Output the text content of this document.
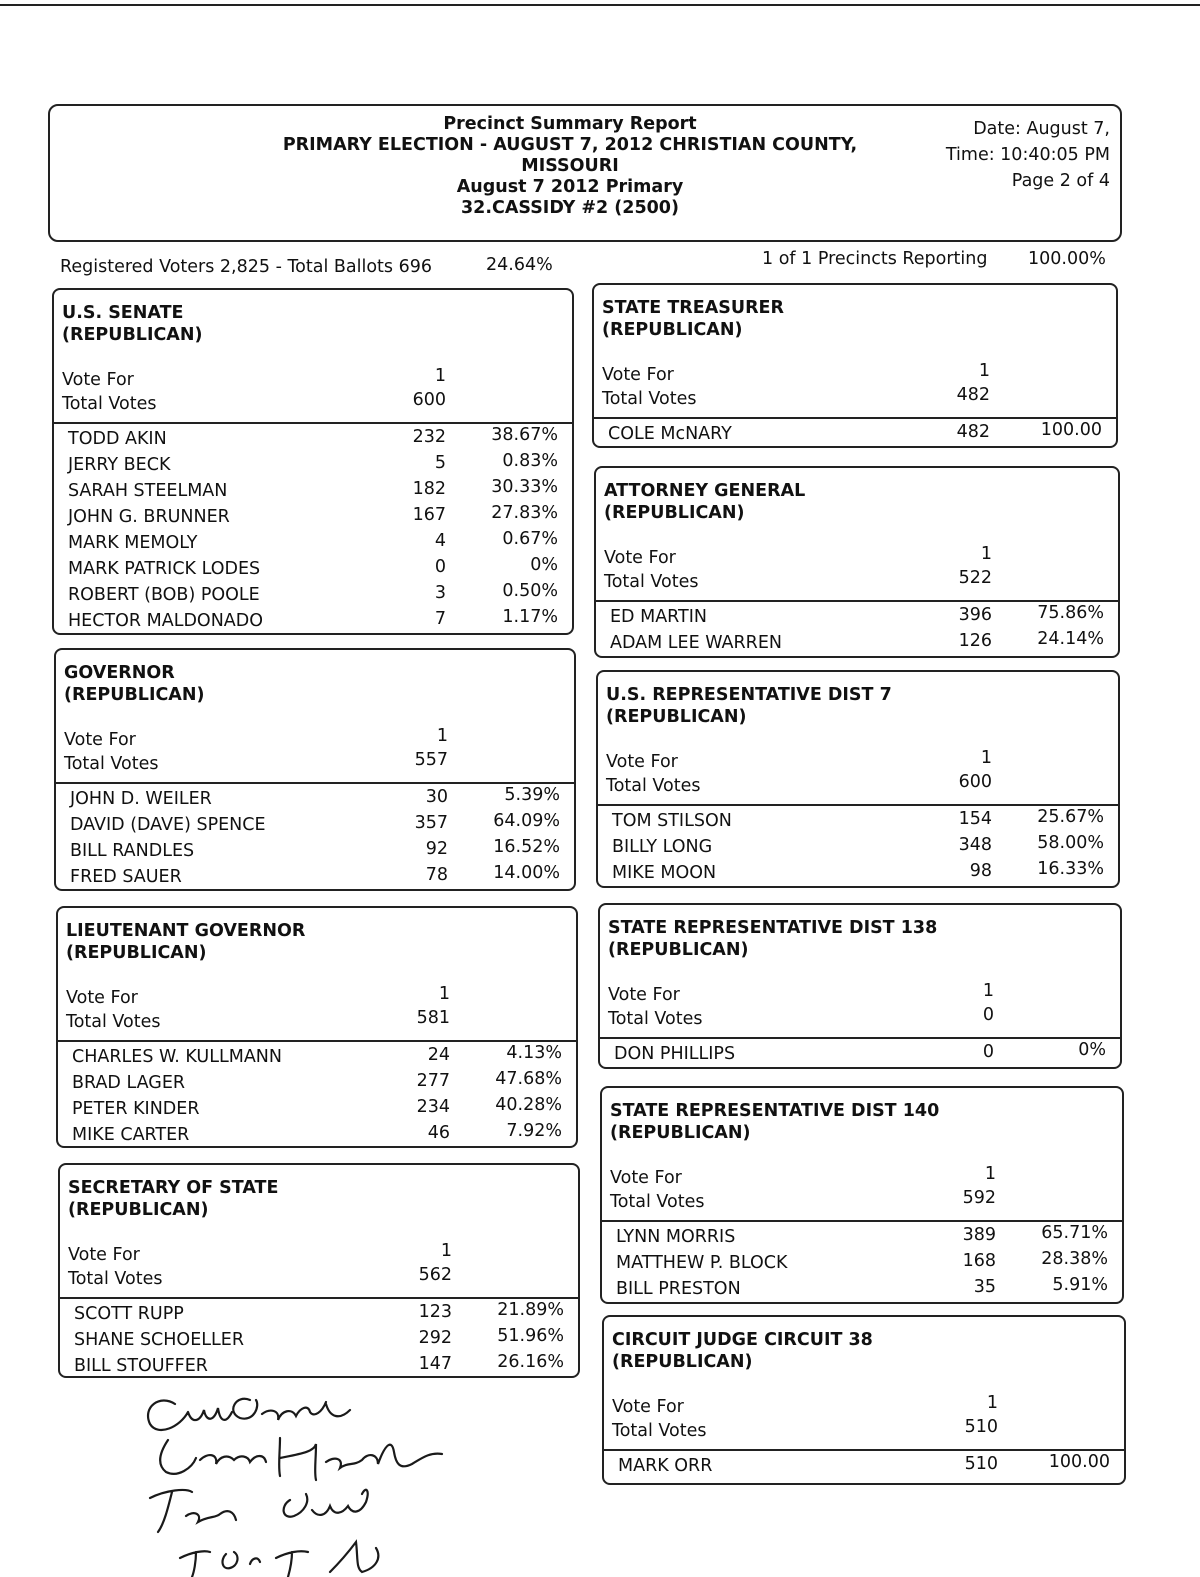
Precinct Summary Report
PRIMARY ELECTION - AUGUST 7, 2012 CHRISTIAN COUNTY,
MISSOURI
August 7 2012 Primary
32.CASSIDY #2 (2500)
Date: August 7,
Time: 10:40:05 PM
Page 2 of 4
Registered Voters 2,825 - Total Ballots 696	24.64%	1 of 1 Precincts Reporting 100.00%
U.S. SENATE
(REPUBLICAN)
Vote For	1
Total Votes	600
TODD AKIN	232	38.67%
JERRY BECK	5	0.83%
SARAH STEELMAN	182	30.33%
JOHN G. BRUNNER	167	27.83%
MARK MEMOLY	4	0.67%
MARK PATRICK LODES	0	0%
ROBERT (BOB) POOLE	3	0.50%
HECTOR MALDONADO	7	1.17%
GOVERNOR
(REPUBLICAN)
Vote For	1
Total Votes	557
JOHN D. WEILER	30	5.39%
DAVID (DAVE) SPENCE	357	64.09%
BILL RANDLES	92	16.52%
FRED SAUER	78	14.00%
LIEUTENANT GOVERNOR
(REPUBLICAN)
Vote For	1
Total Votes	581
CHARLES W. KULLMANN	24	4.13%
BRAD LAGER	277	47.68%
PETER KINDER	234	40.28%
MIKE CARTER	46	7.92%
SECRETARY OF STATE
(REPUBLICAN)
Vote For	1
Total Votes	562
SCOTT RUPP	123	21.89%
SHANE SCHOELLER	292	51.96%
BILL STOUFFER	147	26.16%
STATE TREASURER
(REPUBLICAN)
Vote For	1
Total Votes	482
COLE McNARY	482	100.00
ATTORNEY GENERAL
(REPUBLICAN)
Vote For	1
Total Votes	522
ED MARTIN	396	75.86%
ADAM LEE WARREN	126	24.14%
U.S. REPRESENTATIVE DIST 7
(REPUBLICAN)
Vote For	1
Total Votes	600
TOM STILSON	154	25.67%
BILLY LONG	348	58.00%
MIKE MOON	98	16.33%
STATE REPRESENTATIVE DIST 138
(REPUBLICAN)
Vote For	1
Total Votes	0
DON PHILLIPS	0	0%
STATE REPRESENTATIVE DIST 140
(REPUBLICAN)
Vote For	1
Total Votes	592
LYNN MORRIS	389	65.71%
MATTHEW P. BLOCK	168	28.38%
BILL PRESTON	35	5.91%
CIRCUIT JUDGE CIRCUIT 38
(REPUBLICAN)
Vote For	1
Total Votes	510
MARK ORR	510	100.00
